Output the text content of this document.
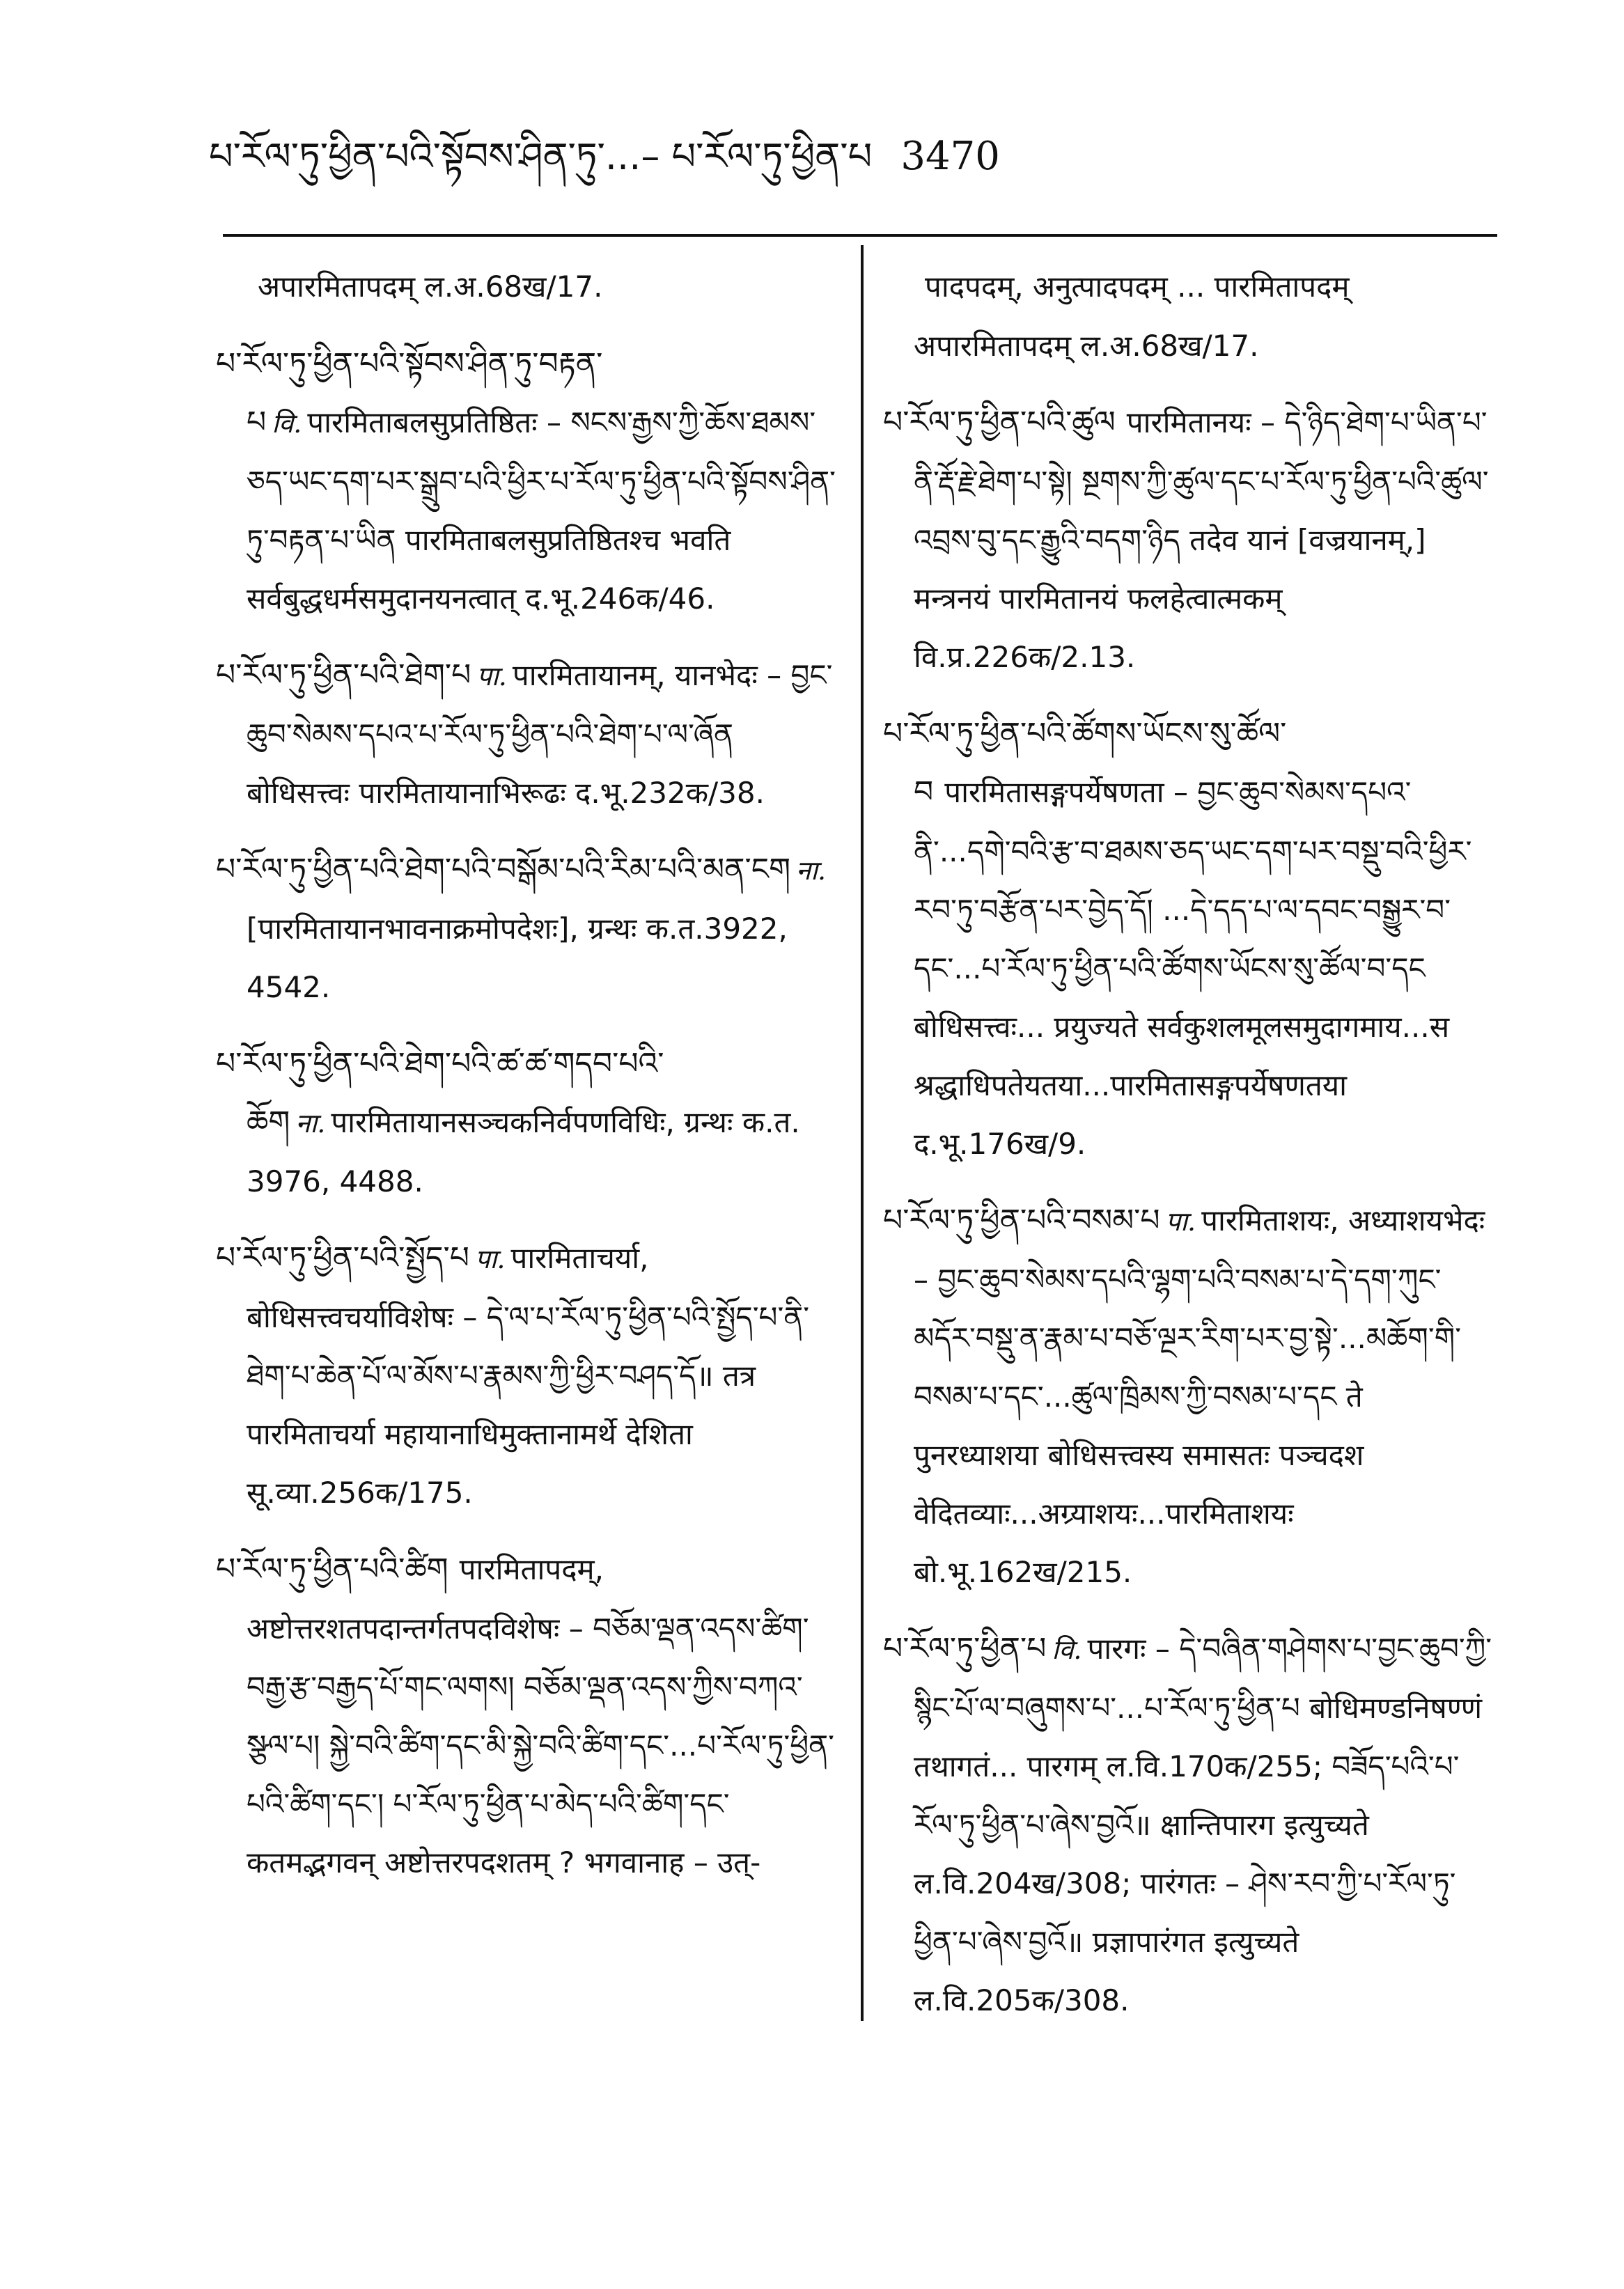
པ་རོལ་ཏུ་ཕྱིན་པའི་སྟོབས་ཤིན་ཏུ་...– པ་རོལ་ཏུ་ཕྱིན་པ 3470

अपारमितापदम् ल.अ.68ख/17.

པ་རོལ་ཏུ་ཕྱིན་པའི་སྟོབས་ཤིན་ཏུ་བརྟན་པ वि. पारमिताबलसुप्रतिष्ठितः – སངས་རྒྱས་ཀྱི་ཆོས་ཐམས་ཅད་ཡང་དག་པར་སྒྲུབ་པའི་ཕྱིར་པ་རོལ་ཏུ་ཕྱིན་པའི་སྟོབས་ཤིན་ཏུ་བརྟན་པ་ཡིན पारमिताबलसुप्रतिष्ठितश्च भवति सर्वबुद्धधर्मसमुदानयनत्वात् द.भू.246क/46.

པ་རོལ་ཏུ་ཕྱིན་པའི་ཐེག་པ पा. पारमितायानम्, यानभेदः – བྱང་ཆུབ་སེམས་དཔའ་པ་རོལ་ཏུ་ཕྱིན་པའི་ཐེག་པ་ལ་ཞོན बोधिसत्त्वः पारमितायानाभिरूढः द.भू.232क/38.

པ་རོལ་ཏུ་ཕྱིན་པའི་ཐེག་པའི་བསྒོམ་པའི་རིམ་པའི་མན་ངག ना.[पारमितायानभावनाक्रमोपदेशः], ग्रन्थः क.त.3922, 4542.

པ་རོལ་ཏུ་ཕྱིན་པའི་ཐེག་པའི་ཚ་ཚ་གདབ་པའི་ཆོག ना. पारमितायानसञ्चकनिर्वपणविधिः, ग्रन्थः क.त. 3976, 4488.

པ་རོལ་ཏུ་ཕྱིན་པའི་སྤྱོད་པ पा. पारमिताचर्या, बोधिसत्त्वचर्याविशेषः – དེ་ལ་པ་རོལ་ཏུ་ཕྱིན་པའི་སྤྱོད་པ་ནི་ཐེག་པ་ཆེན་པོ་ལ་མོས་པ་རྣམས་ཀྱི་ཕྱིར་བཤད་དོ॥ तत्र पारमिताचर्या महायानाधिमुक्तानामर्थे देशिता सू.व्या.256क/175.

པ་རོལ་ཏུ་ཕྱིན་པའི་ཚིག पारमितापदम्, अष्टोत्तरशतपदान्तर्गतपदविशेषः – བཅོམ་ལྡན་འདས་ཚིག་བརྒྱ་རྩ་བརྒྱད་པོ་གང་ལགས། བཅོམ་ལྡན་འདས་ཀྱིས་བཀའ་སྩལ་པ། སྐྱེ་བའི་ཚིག་དང་མི་སྐྱེ་བའི་ཚིག་དང་...པ་རོལ་ཏུ་ཕྱིན་པའི་ཚིག་དང་། པ་རོལ་ཏུ་ཕྱིན་པ་མེད་པའི་ཚིག་དང་ कतमद्भगवन् अष्टोत्तरपदशतम् ? भगवानाह – उत्-

पादपदम्, अनुत्पादपदम् ... पारमितापदम् अपारमितापदम् ल.अ.68ख/17.

པ་རོལ་ཏུ་ཕྱིན་པའི་ཚུལ पारमितानयः – དེ་ཉིད་ཐེག་པ་ཡིན་པ་ནི་རྡོ་རྗེ་ཐེག་པ་སྟེ། སྔགས་ཀྱི་ཚུལ་དང་པ་རོལ་ཏུ་ཕྱིན་པའི་ཚུལ་འབྲས་བུ་དང་རྒྱུའི་བདག་ཉིད तदेव यानं [वज्रयानम्,] मन्त्रनयं पारमितानयं फलहेत्वात्मकम् वि.प्र.226क/2.13.

པ་རོལ་ཏུ་ཕྱིན་པའི་ཚོགས་ཡོངས་སུ་ཚོལ་བ पारमितासङ्गपर्येषणता – བྱང་ཆུབ་སེམས་དཔའ་ནི་...དགེ་བའི་རྩ་བ་ཐམས་ཅད་ཡང་དག་པར་བསྡུ་བའི་ཕྱིར་རབ་ཏུ་བརྩོན་པར་བྱེད་དོ། ...དེ་དད་པ་ལ་དབང་བསྒྱུར་བ་དང་...པ་རོལ་ཏུ་ཕྱིན་པའི་ཚོགས་ཡོངས་སུ་ཚོལ་བ་དང बोधिसत्त्वः... प्रयुज्यते सर्वकुशलमूलसमुदागमाय...स श्रद्धाधिपतेयतया...पारमितासङ्गपर्येषणतया द.भू.176ख/9.

པ་རོལ་ཏུ་ཕྱིན་པའི་བསམ་པ पा. पारमिताशयः, अध्याशयभेदः – བྱང་ཆུབ་སེམས་དཔའི་ལྷག་པའི་བསམ་པ་དེ་དག་ཀུང་མདོར་བསྡུ་ན་རྣམ་པ་བཅོ་ལྔར་རིག་པར་བྱ་སྟེ་...མཆོག་གི་བསམ་པ་དང་...ཚུལ་ཁྲིམས་ཀྱི་བསམ་པ་དང ते पुनरध्याशया बोधिसत्त्वस्य समासतः पञ्चदश वेदितव्याः...अग्र्याशयः...पारमिताशयः बो.भू.162ख/215.

པ་རོལ་ཏུ་ཕྱིན་པ वि. पारगः – དེ་བཞིན་གཤེགས་པ་བྱང་ཆུབ་ཀྱི་སྙིང་པོ་ལ་བཞུགས་པ་...པ་རོལ་ཏུ་ཕྱིན་པ बोधिमण्डनिषण्णं तथागतं... पारगम् ल.वि.170क/255; བཟོད་པའི་པ་རོལ་ཏུ་ཕྱིན་པ་ཞེས་བྱའོ॥ क्षान्तिपारग इत्युच्यते ल.वि.204ख/308; पारंगतः – ཤེས་རབ་ཀྱི་པ་རོལ་ཏུ་ཕྱིན་པ་ཞེས་བྱའོ॥ प्रज्ञापारंगत इत्युच्यते ल.वि.205क/308.
